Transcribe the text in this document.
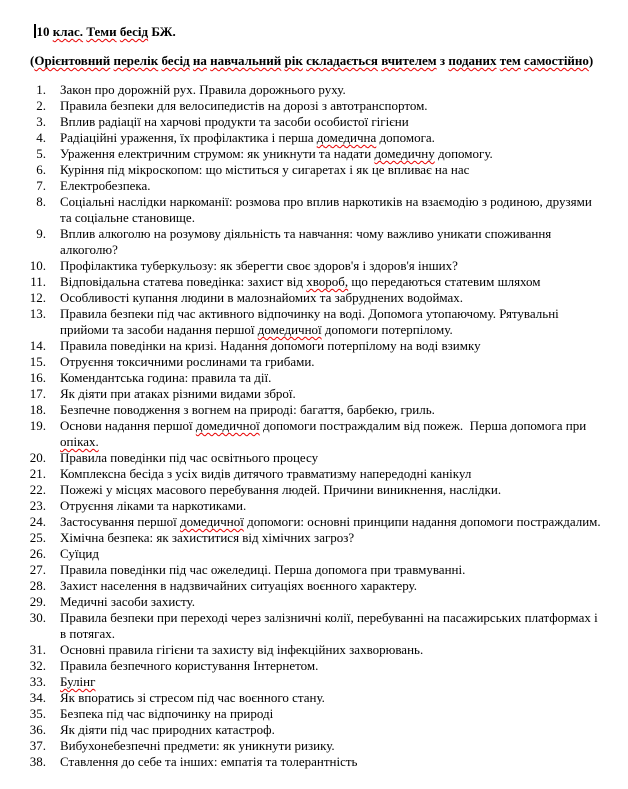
10 клас. Теми бесід БЖ.
(Орієнтовний перелік бесід на навчальний рік складається вчителем з поданих тем самостійно)
1. Закон про дорожній рух. Правила дорожнього руху.
2. Правила безпеки для велосипедистів на дорозі з автотранспортом.
3. Вплив радіації на харчові продукти та засоби особистої гігієни
4. Радіаційні ураження, їх профілактика і перша домедична допомога.
5. Ураження електричним струмом: як уникнути та надати домедичну допомогу.
6. Куріння під мікроскопом: що міститься у сигаретах і як це впливає на нас
7. Електробезпека.
8. Соціальні наслідки наркоманії: розмова про вплив наркотиків на взаємодію з родиною, друзями
та соціальне становище.
9. Вплив алкоголю на розумову діяльність та навчання: чому важливо уникати споживання
алкоголю?
10. Профілактика туберкульозу: як зберегти своє здоров'я і здоров'я інших?
11. Відповідальна статева поведінка: захист від хвороб, що передаються статевим шляхом
12. Особливості купання людини в малознайомих та забруднених водоймах.
13. Правила безпеки під час активного відпочинку на воді. Допомога утопаючому. Рятувальні
прийоми та засоби надання першої домедичної допомоги потерпілому.
14. Правила поведінки на кризі. Надання допомоги потерпілому на воді взимку
15. Отруєння токсичними рослинами та грибами.
16. Комендантська година: правила та дії.
17. Як діяти при атаках різними видами зброї.
18. Безпечне поводження з вогнем на природі: багаття, барбекю, гриль.
19. Основи надання першої домедичної допомоги постраждалим від пожеж.  Перша допомога при
опіках.
20. Правила поведінки під час освітнього процесу
21. Комплексна бесіда з усіх видів дитячого травматизму напередодні канікул
22. Пожежі у місцях масового перебування людей. Причини виникнення, наслідки.
23. Отруєння ліками та наркотиками.
24. Застосування першої домедичної допомоги: основні принципи надання допомоги постраждалим.
25. Хімічна безпека: як захиститися від хімічних загроз?
26. Суїцид
27. Правила поведінки під час ожеледиці. Перша допомога при травмуванні.
28. Захист населення в надзвичайних ситуаціях воєнного характеру.
29. Медичні засоби захисту.
30. Правила безпеки при переході через залізничні колії, перебуванні на пасажирських платформах і
в потягах.
31. Основні правила гігієни та захисту від інфекційних захворювань.
32. Правила безпечного користування Інтернетом.
33. Булінг
34. Як впоратись зі стресом під час воєнного стану.
35. Безпека під час відпочинку на природі
36. Як діяти під час природних катастроф.
37. Вибухонебезпечні предмети: як уникнути ризику.
38. Ставлення до себе та інших: емпатія та толерантність
